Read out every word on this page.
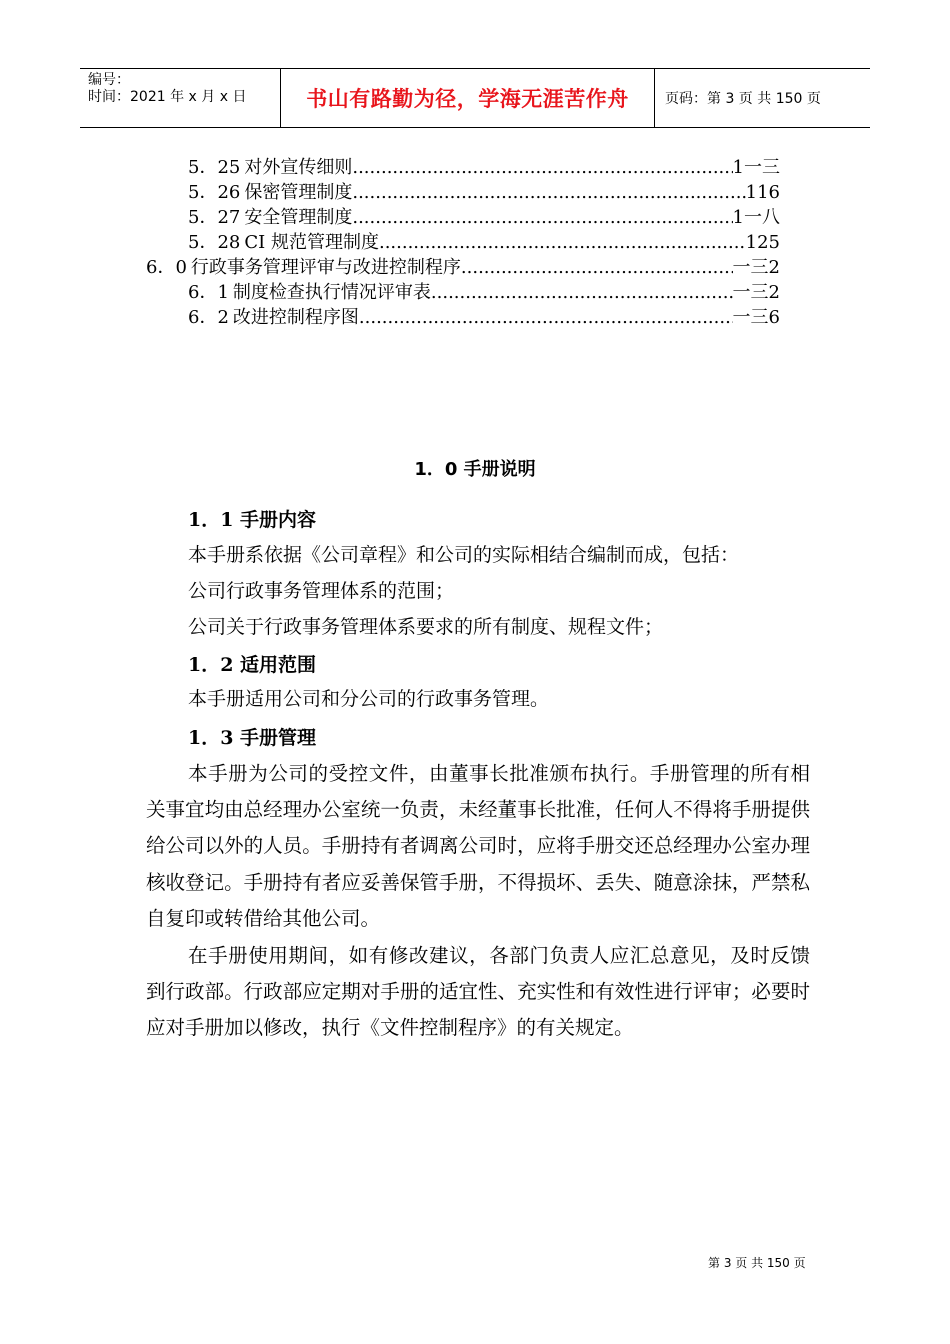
编号：
时间：2021 年 x 月 x 日	书山有路勤为径，学海无涯苦作舟	页码：第 3 页 共 150 页
5．25 对外宣传细则 .....	1一三
5．26 保密管理制度 .....	116
5．27 安全管理制度 .....	1一八
5．28 CI 规范管理制度 .....	125
6．0 行政事务管理评审与改进控制程序 .....	一三2
6．1 制度检查执行情况评审表 .....	一三2
6．2 改进控制程序图 .....	一三6
1．0 手册说明
1．1 手册内容
本手册系依据《公司章程》和公司的实际相结合编制而成，包括：
公司行政事务管理体系的范围；
公司关于行政事务管理体系要求的所有制度、规程文件；
1．2 适用范围
本手册适用公司和分公司的行政事务管理。
1．3 手册管理
本手册为公司的受控文件，由董事长批准颁布执行。手册管理的所有相关事宜均由总经理办公室统一负责，未经董事长批准，任何人不得将手册提供给公司以外的人员。手册持有者调离公司时，应将手册交还总经理办公室办理核收登记。手册持有者应妥善保管手册，不得损坏、丢失、随意涂抹，严禁私自复印或转借给其他公司。
在手册使用期间，如有修改建议，各部门负责人应汇总意见，及时反馈到行政部。行政部应定期对手册的适宜性、充实性和有效性进行评审；必要时应对手册加以修改，执行《文件控制程序》的有关规定。
第 3 页 共 150 页
